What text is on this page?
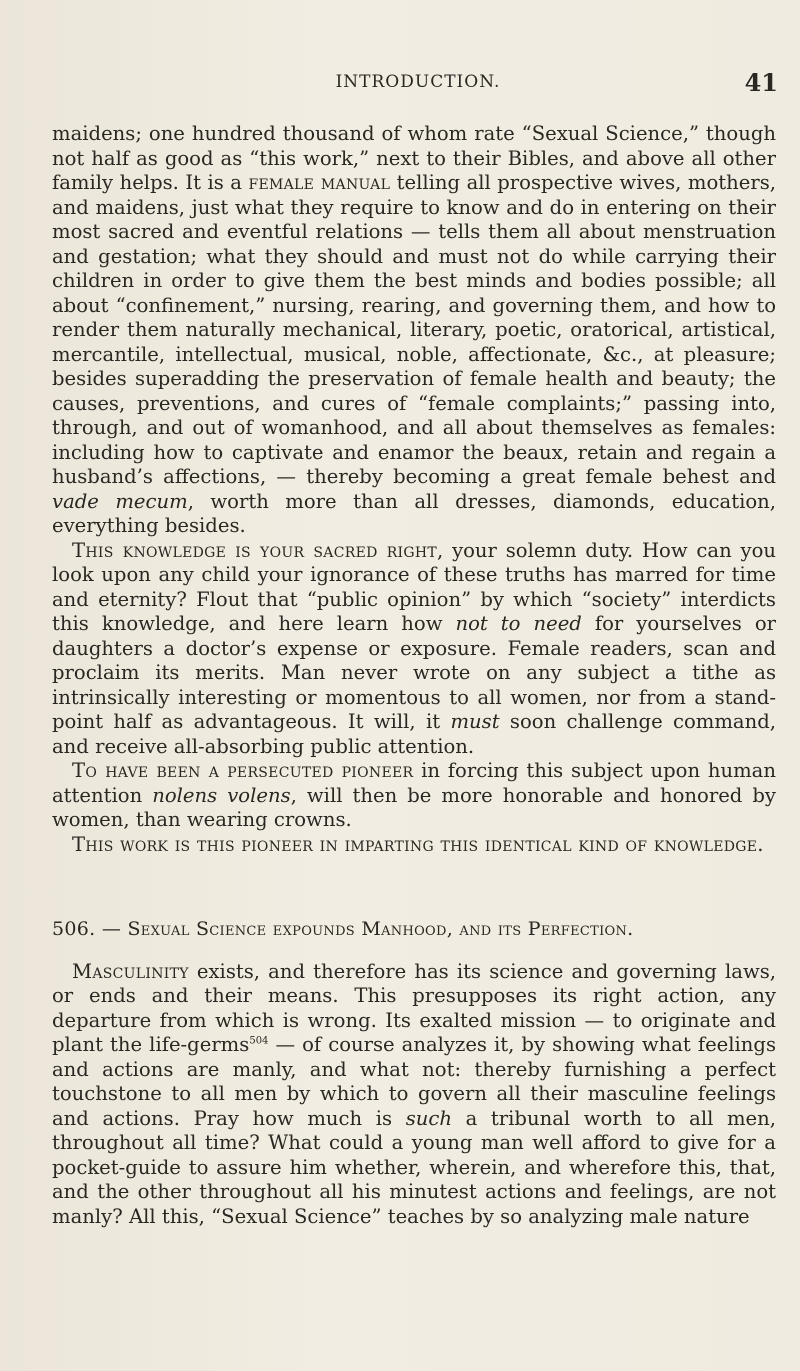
INTRODUCTION.	41

maidens; one hundred thousand of whom rate “Sexual Science,” though not half as good as “this work,” next to their Bibles, and above all other family helps. It is a female manual telling all prospective wives, mothers, and maidens, just what they require to know and do in entering on their most sacred and eventful relations — tells them all about menstruation and gestation; what they should and must not do while carrying their children in order to give them the best minds and bodies possible; all about “confinement,” nursing, rearing, and governing them, and how to render them naturally mechanical, literary, poetic, oratorical, artistical, mercantile, intellectual, musical, noble, affectionate, &c., at pleasure; besides superadding the preservation of female health and beauty; the causes, preventions, and cures of “female complaints;” passing into, through, and out of womanhood, and all about themselves as females: including how to captivate and enamor the beaux, retain and regain a husband’s affections, — thereby becoming a great female behest and vade mecum, worth more than all dresses, diamonds, education, everything besides.

This knowledge is your sacred right, your solemn duty. How can you look upon any child your ignorance of these truths has marred for time and eternity? Flout that “public opinion” by which “society” interdicts this knowledge, and here learn how not to need for yourselves or daughters a doctor’s expense or exposure. Female readers, scan and proclaim its merits. Man never wrote on any subject a tithe as intrinsically interesting or momentous to all women, nor from a stand-point half as advantageous. It will, it must soon challenge command, and receive all-absorbing public attention.

To have been a persecuted pioneer in forcing this subject upon human attention nolens volens, will then be more honorable and honored by women, than wearing crowns.

This work is this pioneer in imparting this identical kind of knowledge.

506. — Sexual Science expounds Manhood, and its Perfection.

Masculinity exists, and therefore has its science and governing laws, or ends and their means. This presupposes its right action, any departure from which is wrong. Its exalted mission — to originate and plant the life-germs$^{504}$ — of course analyzes it, by showing what feelings and actions are manly, and what not: thereby furnishing a perfect touchstone to all men by which to govern all their masculine feelings and actions. Pray how much is such a tribunal worth to all men, throughout all time? What could a young man well afford to give for a pocket-guide to assure him whether, wherein, and wherefore this, that, and the other throughout all his minutest actions and feelings, are not manly? All this, “Sexual Science” teaches by so analyzing male nature
